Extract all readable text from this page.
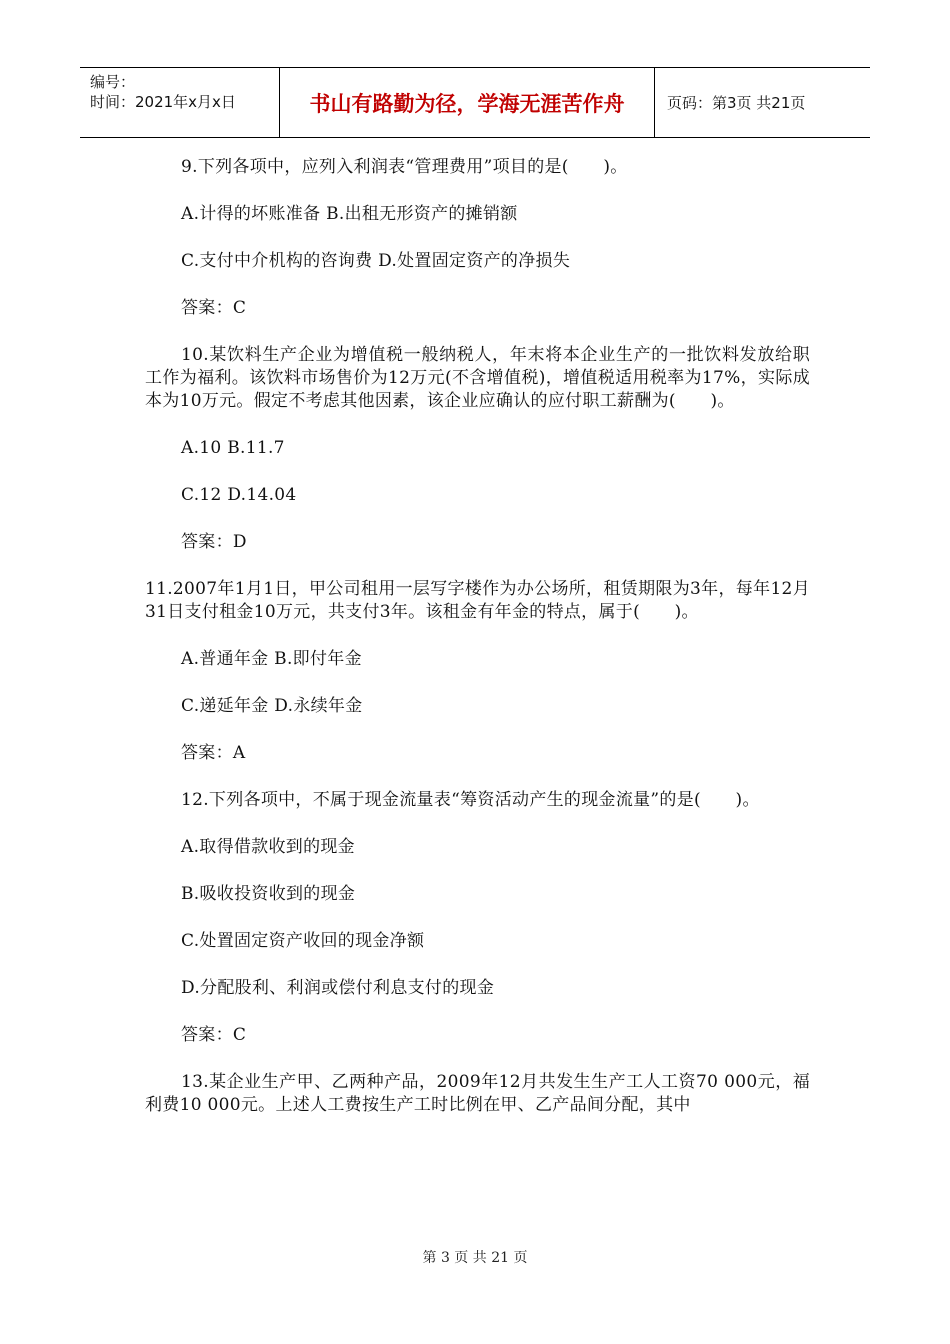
编号：
时间：2021年x月x日	书山有路勤为径，学海无涯苦作舟	页码：第3页 共21页

9.下列各项中，应列入利润表“管理费用”项目的是(　　)。

A.计得的坏账准备 B.出租无形资产的摊销额

C.支付中介机构的咨询费 D.处置固定资产的净损失

答案：C

10.某饮料生产企业为增值税一般纳税人，年末将本企业生产的一批饮料发放给职工作为福利。该饮料市场售价为12万元(不含增值税)，增值税适用税率为17%，实际成本为10万元。假定不考虑其他因素，该企业应确认的应付职工薪酬为(　　)。

A.10 B.11.7

C.12 D.14.04

答案：D

11.2007年1月1日，甲公司租用一层写字楼作为办公场所，租赁期限为3年，每年12月31日支付租金10万元，共支付3年。该租金有年金的特点，属于(　　)。

A.普通年金 B.即付年金

C.递延年金 D.永续年金

答案：A

12.下列各项中，不属于现金流量表“筹资活动产生的现金流量”的是(　　)。

A.取得借款收到的现金

B.吸收投资收到的现金

C.处置固定资产收回的现金净额

D.分配股利、利润或偿付利息支付的现金

答案：C

13.某企业生产甲、乙两种产品，2009年12月共发生生产工人工资70 000元，福利费10 000元。上述人工费按生产工时比例在甲、乙产品间分配，其中

第 3 页 共 21 页
